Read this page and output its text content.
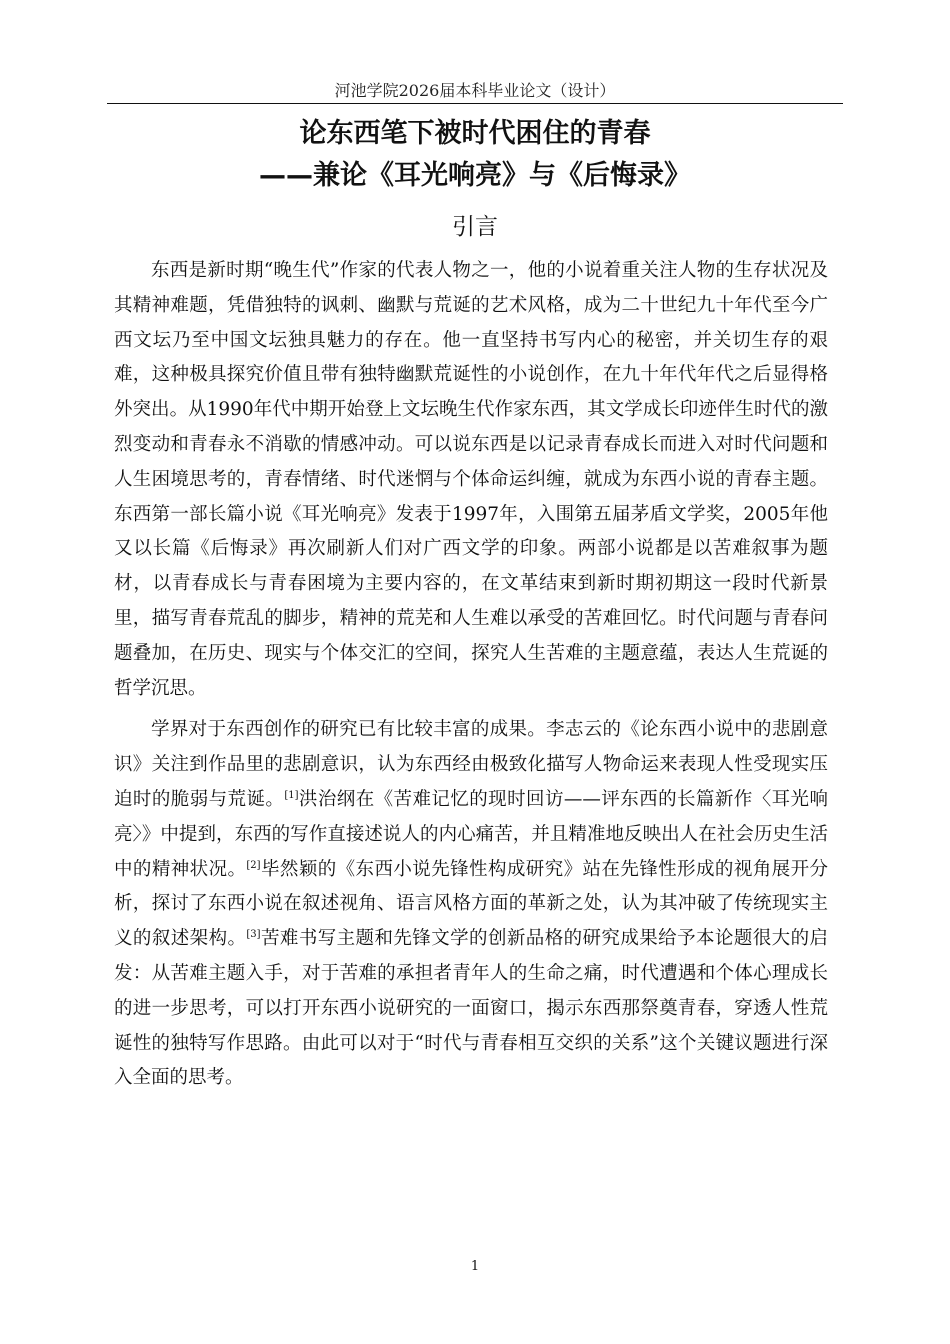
河池学院2026届本科毕业论文（设计）
论东西笔下被时代困住的青春
——兼论《耳光响亮》与《后悔录》
引言

东西是新时期“晚生代”作家的代表人物之一，他的小说着重关注人物的生存状况及其精神难题，凭借独特的讽刺、幽默与荒诞的艺术风格，成为二十世纪九十年代至今广西文坛乃至中国文坛独具魅力的存在。他一直坚持书写内心的秘密，并关切生存的艰难，这种极具探究价值且带有独特幽默荒诞性的小说创作，在九十年代年代之后显得格外突出。从1990年代中期开始登上文坛晚生代作家东西，其文学成长印迹伴生时代的激烈变动和青春永不消歇的情感冲动。可以说东西是以记录青春成长而进入对时代问题和人生困境思考的，青春情绪、时代迷惘与个体命运纠缠，就成为东西小说的青春主题。东西第一部长篇小说《耳光响亮》发表于1997年，入围第五届茅盾文学奖，2005年他又以长篇《后悔录》再次刷新人们对广西文学的印象。两部小说都是以苦难叙事为题材，以青春成长与青春困境为主要内容的，在文革结束到新时期初期这一段时代新景里，描写青春荒乱的脚步，精神的荒芜和人生难以承受的苦难回忆。时代问题与青春问题叠加，在历史、现实与个体交汇的空间，探究人生苦难的主题意蕴，表达人生荒诞的哲学沉思。

学界对于东西创作的研究已有比较丰富的成果。李志云的《论东西小说中的悲剧意识》关注到作品里的悲剧意识，认为东西经由极致化描写人物命运来表现人性受现实压迫时的脆弱与荒诞。[1]洪治纲在《苦难记忆的现时回访——评东西的长篇新作〈耳光响亮〉》中提到，东西的写作直接述说人的内心痛苦，并且精准地反映出人在社会历史生活中的精神状况。[2]毕然颖的《东西小说先锋性构成研究》站在先锋性形成的视角展开分析，探讨了东西小说在叙述视角、语言风格方面的革新之处，认为其冲破了传统现实主义的叙述架构。[3]苦难书写主题和先锋文学的创新品格的研究成果给予本论题很大的启发：从苦难主题入手，对于苦难的承担者青年人的生命之痛，时代遭遇和个体心理成长的进一步思考，可以打开东西小说研究的一面窗口，揭示东西那祭奠青春，穿透人性荒诞性的独特写作思路。由此可以对于“时代与青春相互交织的关系”这个关键议题进行深入全面的思考。

1
